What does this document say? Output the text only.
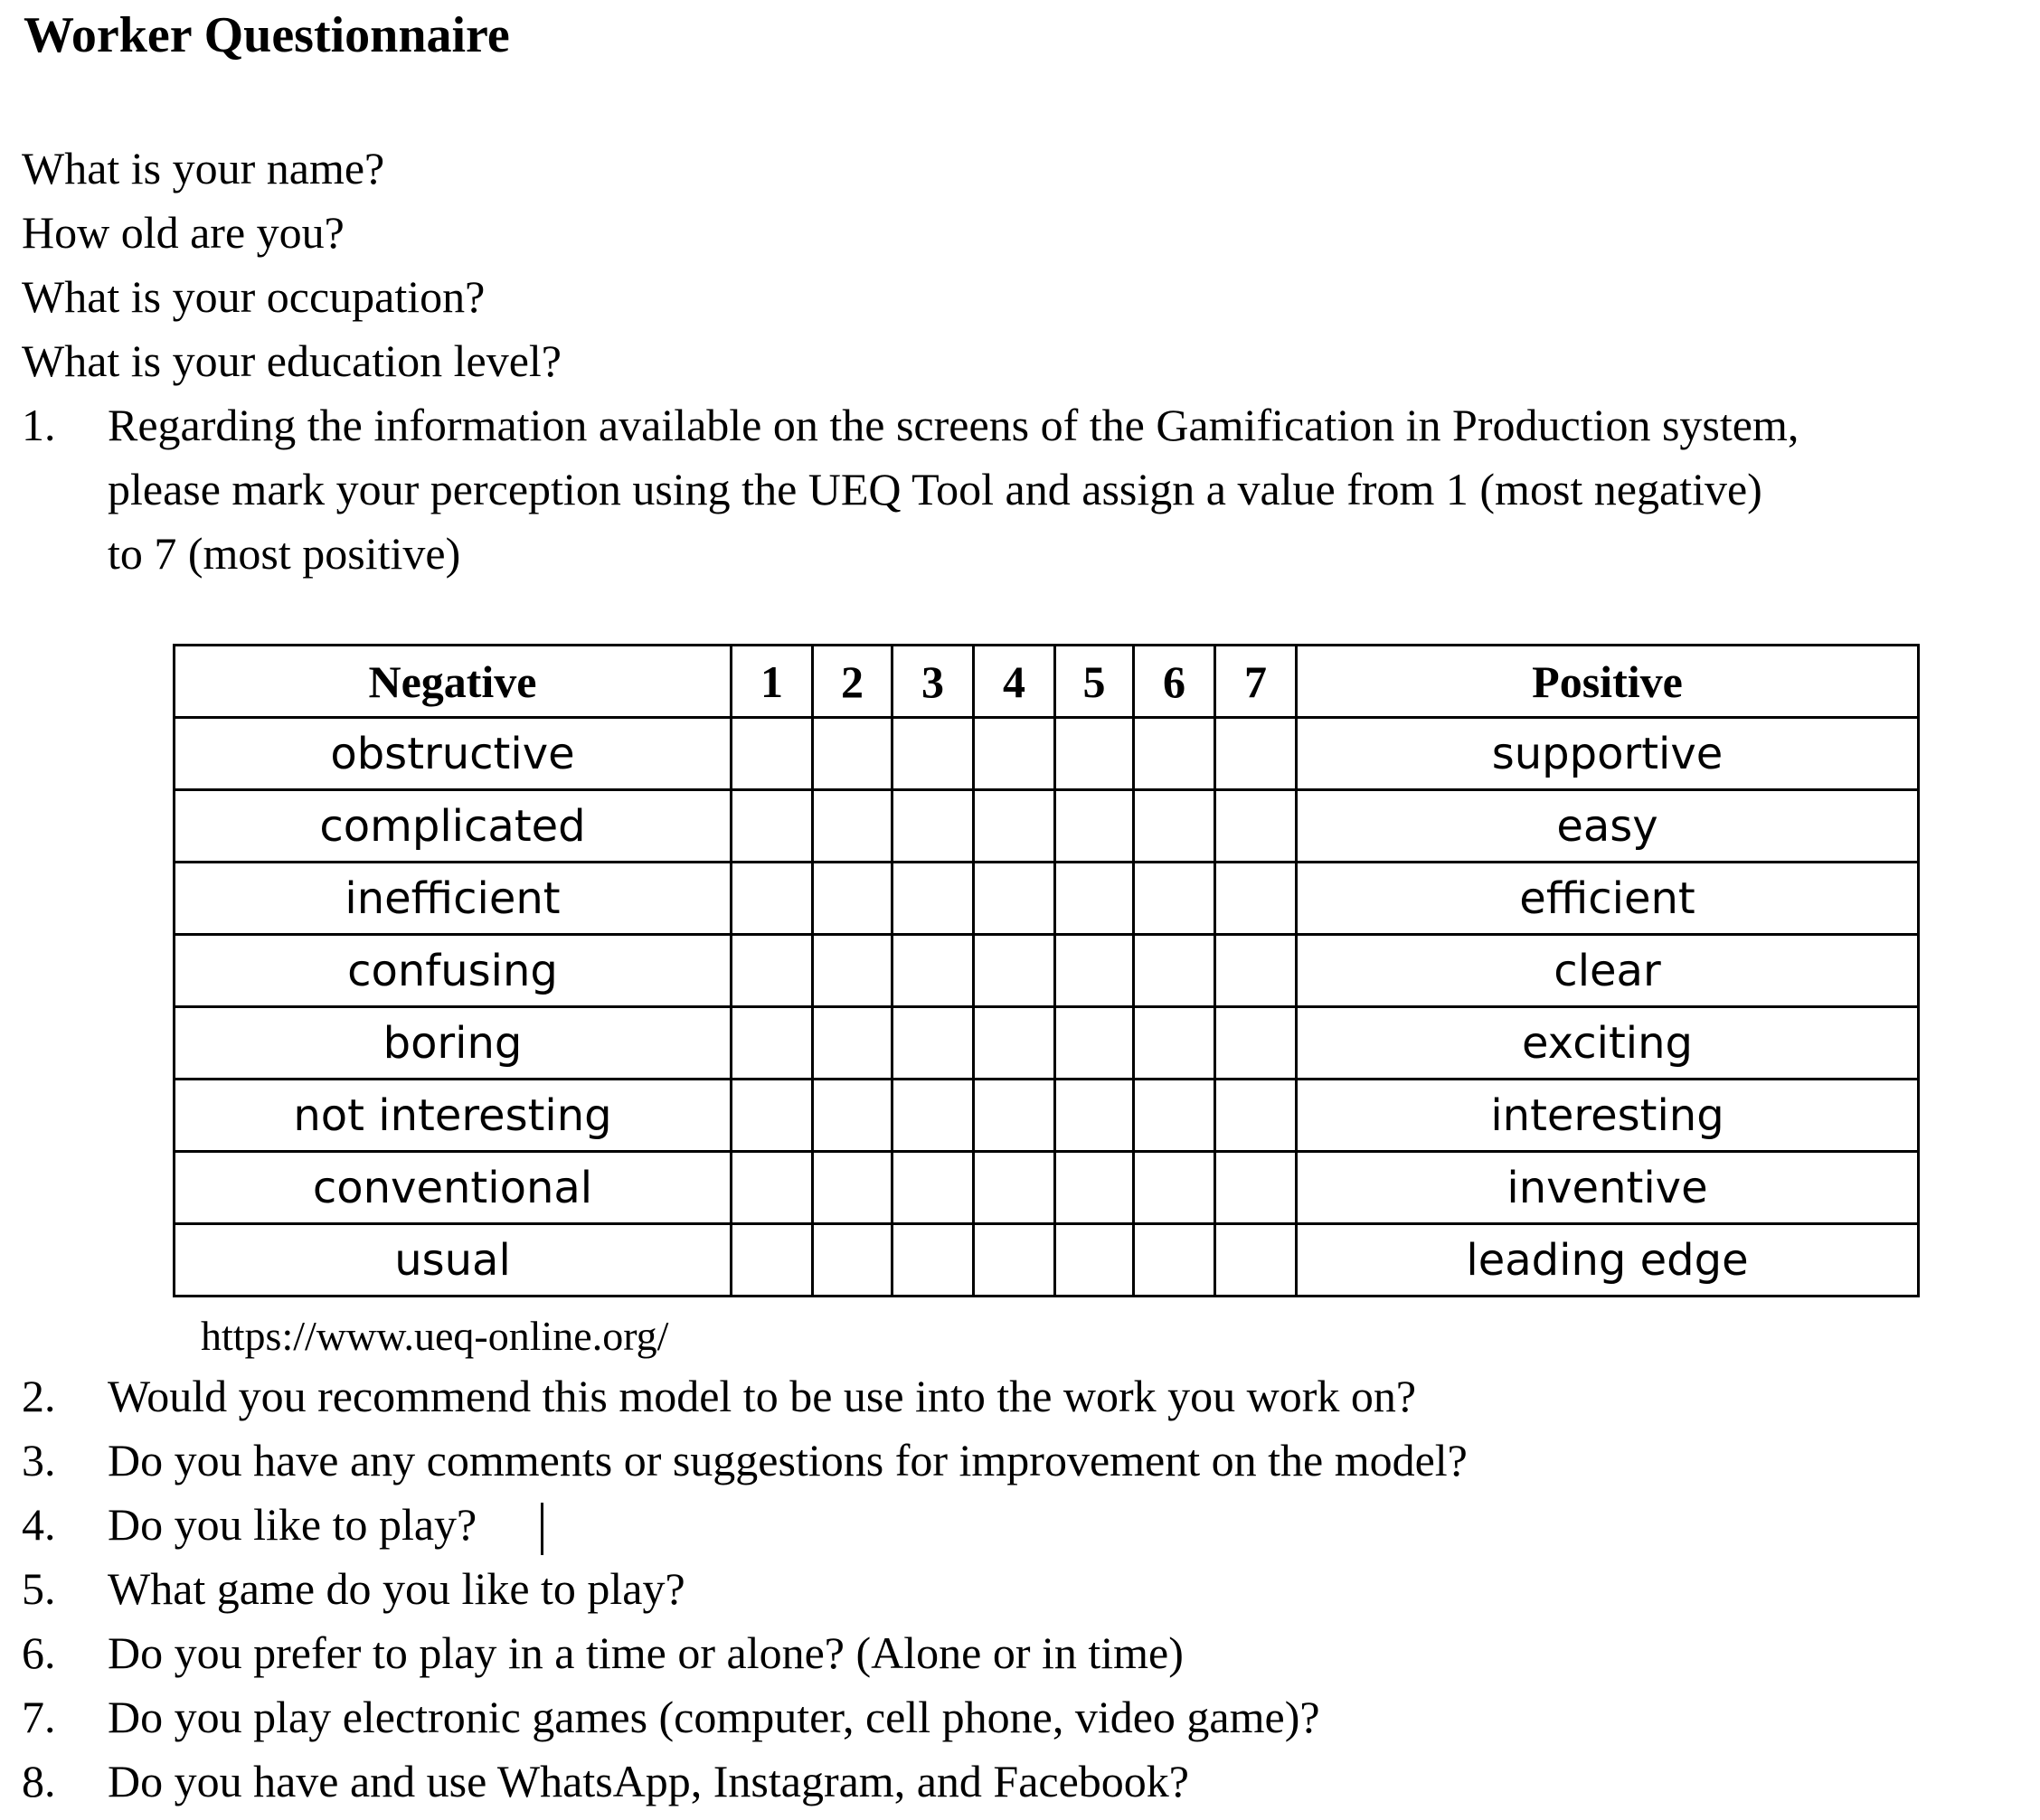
Worker Questionnaire
What is your name?
How old are you?
What is your occupation?
What is your education level?
1. Regarding the information available on the screens of the Gamification in Production system,
please mark your perception using the UEQ Tool and assign a value from 1 (most negative)
to 7 (most positive)
Negative	1	2	3	4	5	6	7	Positive
obstructive								supportive
complicated								easy
inefficient								efficient
confusing								clear
boring								exciting
not interesting								interesting
conventional								inventive
usual								leading edge
https://www.ueq-online.org/
2. Would you recommend this model to be use into the work you work on?
3. Do you have any comments or suggestions for improvement on the model?
4. Do you like to play?
5. What game do you like to play?
6. Do you prefer to play in a time or alone? (Alone or in time)
7. Do you play electronic games (computer, cell phone, video game)?
8. Do you have and use WhatsApp, Instagram, and Facebook?
